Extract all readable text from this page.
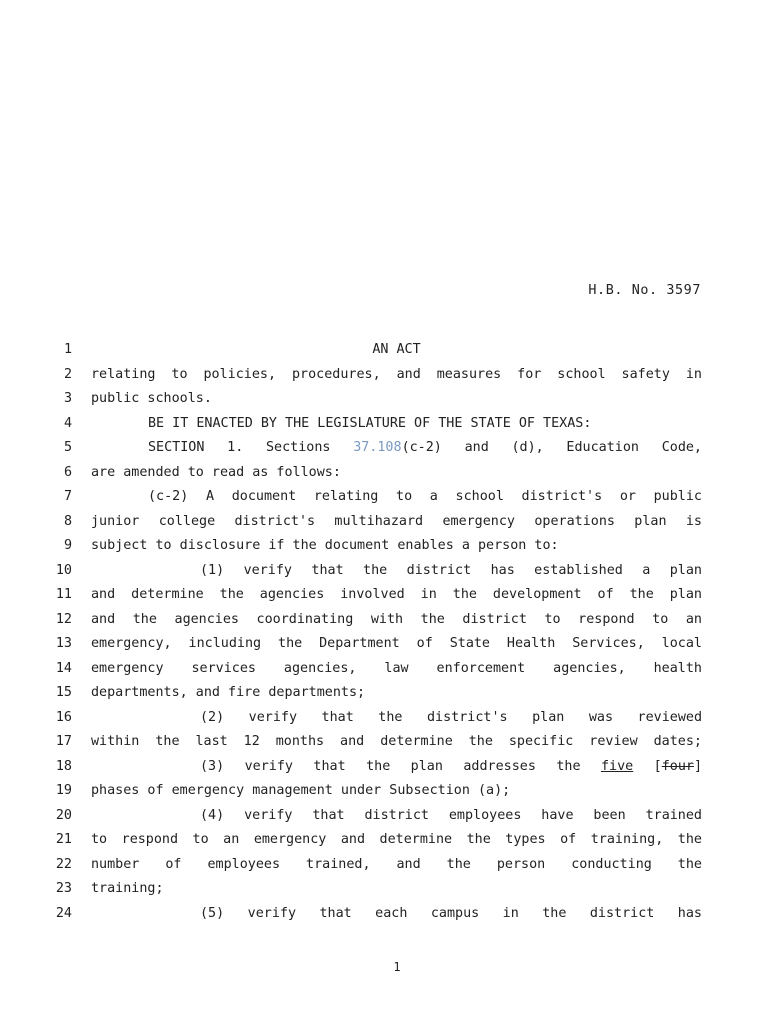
H.B. No. 3597
1	AN ACT
2 relating to policies, procedures, and measures for school safety in
3 public schools.
4	BE IT ENACTED BY THE LEGISLATURE OF THE STATE OF TEXAS:
5	SECTION 1. Sections 37.108(c-2) and (d), Education Code,
6 are amended to read as follows:
7	(c-2) A document relating to a school district's or public
8 junior college district's multihazard emergency operations plan is
9 subject to disclosure if the document enables a person to:
10	(1) verify that the district has established a plan
11 and determine the agencies involved in the development of the plan
12 and the agencies coordinating with the district to respond to an
13 emergency, including the Department of State Health Services, local
14 emergency services agencies, law enforcement agencies, health
15 departments, and fire departments;
16	(2) verify that the district's plan was reviewed
17 within the last 12 months and determine the specific review dates;
18	(3) verify that the plan addresses the five [four]
19 phases of emergency management under Subsection (a);
20	(4) verify that district employees have been trained
21 to respond to an emergency and determine the types of training, the
22 number of employees trained, and the person conducting the
23 training;
24	(5) verify that each campus in the district has
1
